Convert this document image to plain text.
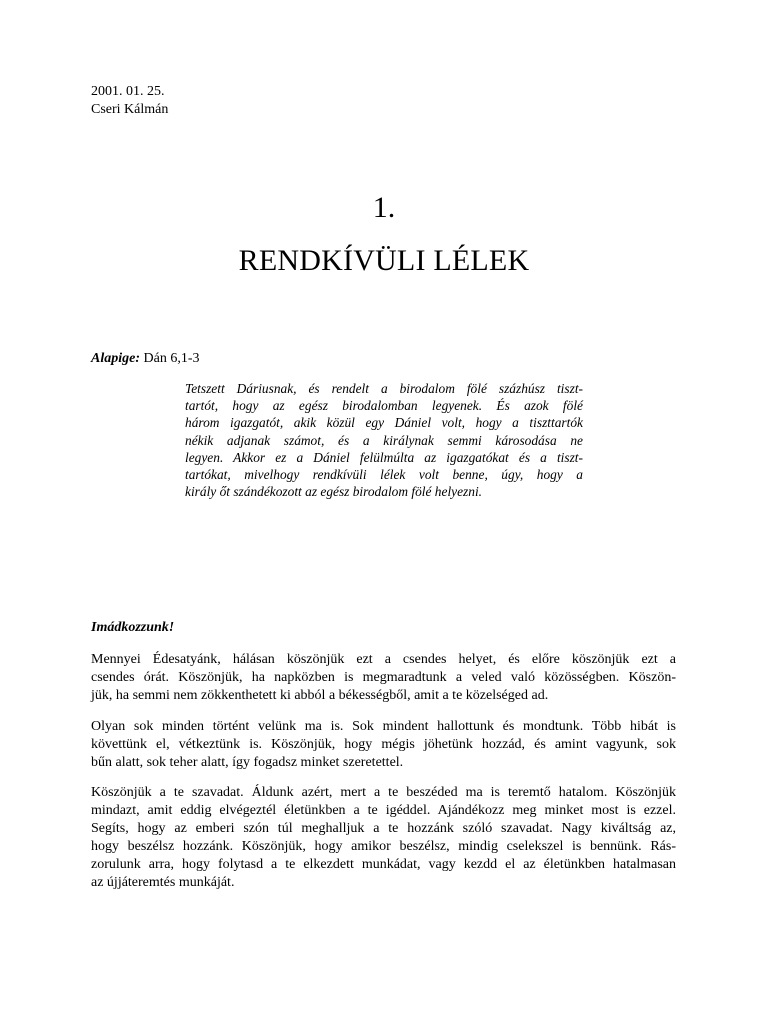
2001. 01. 25.
Cseri Kálmán
1.
RENDKÍVÜLI LÉLEK
Alapige: Dán 6,1-3
Tetszett Dáriusnak, és rendelt a birodalom fölé százhúsz tiszt-
tartót, hogy az egész birodalomban legyenek. És azok fölé
három igazgatót, akik közül egy Dániel volt, hogy a tiszttartók
nékik adjanak számot, és a királynak semmi károsodása ne
legyen. Akkor ez a Dániel felülmúlta az igazgatókat és a tiszt-
tartókat, mivelhogy rendkívüli lélek volt benne, úgy, hogy a
király őt szándékozott az egész birodalom fölé helyezni.
Imádkozzunk!
Mennyei Édesatyánk, hálásan köszönjük ezt a csendes helyet, és előre köszönjük ezt a
csendes órát. Köszönjük, ha napközben is megmaradtunk a veled való közösségben. Köszön-
jük, ha semmi nem zökkenthetett ki abból a békességből, amit a te közelséged ad.
Olyan sok minden történt velünk ma is. Sok mindent hallottunk és mondtunk. Több hibát is
követtünk el, vétkeztünk is. Köszönjük, hogy mégis jöhetünk hozzád, és amint vagyunk, sok
bűn alatt, sok teher alatt, így fogadsz minket szeretettel.
Köszönjük a te szavadat. Áldunk azért, mert a te beszéded ma is teremtő hatalom. Köszönjük
mindazt, amit eddig elvégeztél életünkben a te igéddel. Ajándékozz meg minket most is ezzel.
Segíts, hogy az emberi szón túl meghalljuk a te hozzánk szóló szavadat. Nagy kiváltság az,
hogy beszélsz hozzánk. Köszönjük, hogy amikor beszélsz, mindig cselekszel is bennünk. Rás-
zorulunk arra, hogy folytasd a te elkezdett munkádat, vagy kezdd el az életünkben hatalmasan
az újjáteremtés munkáját.
